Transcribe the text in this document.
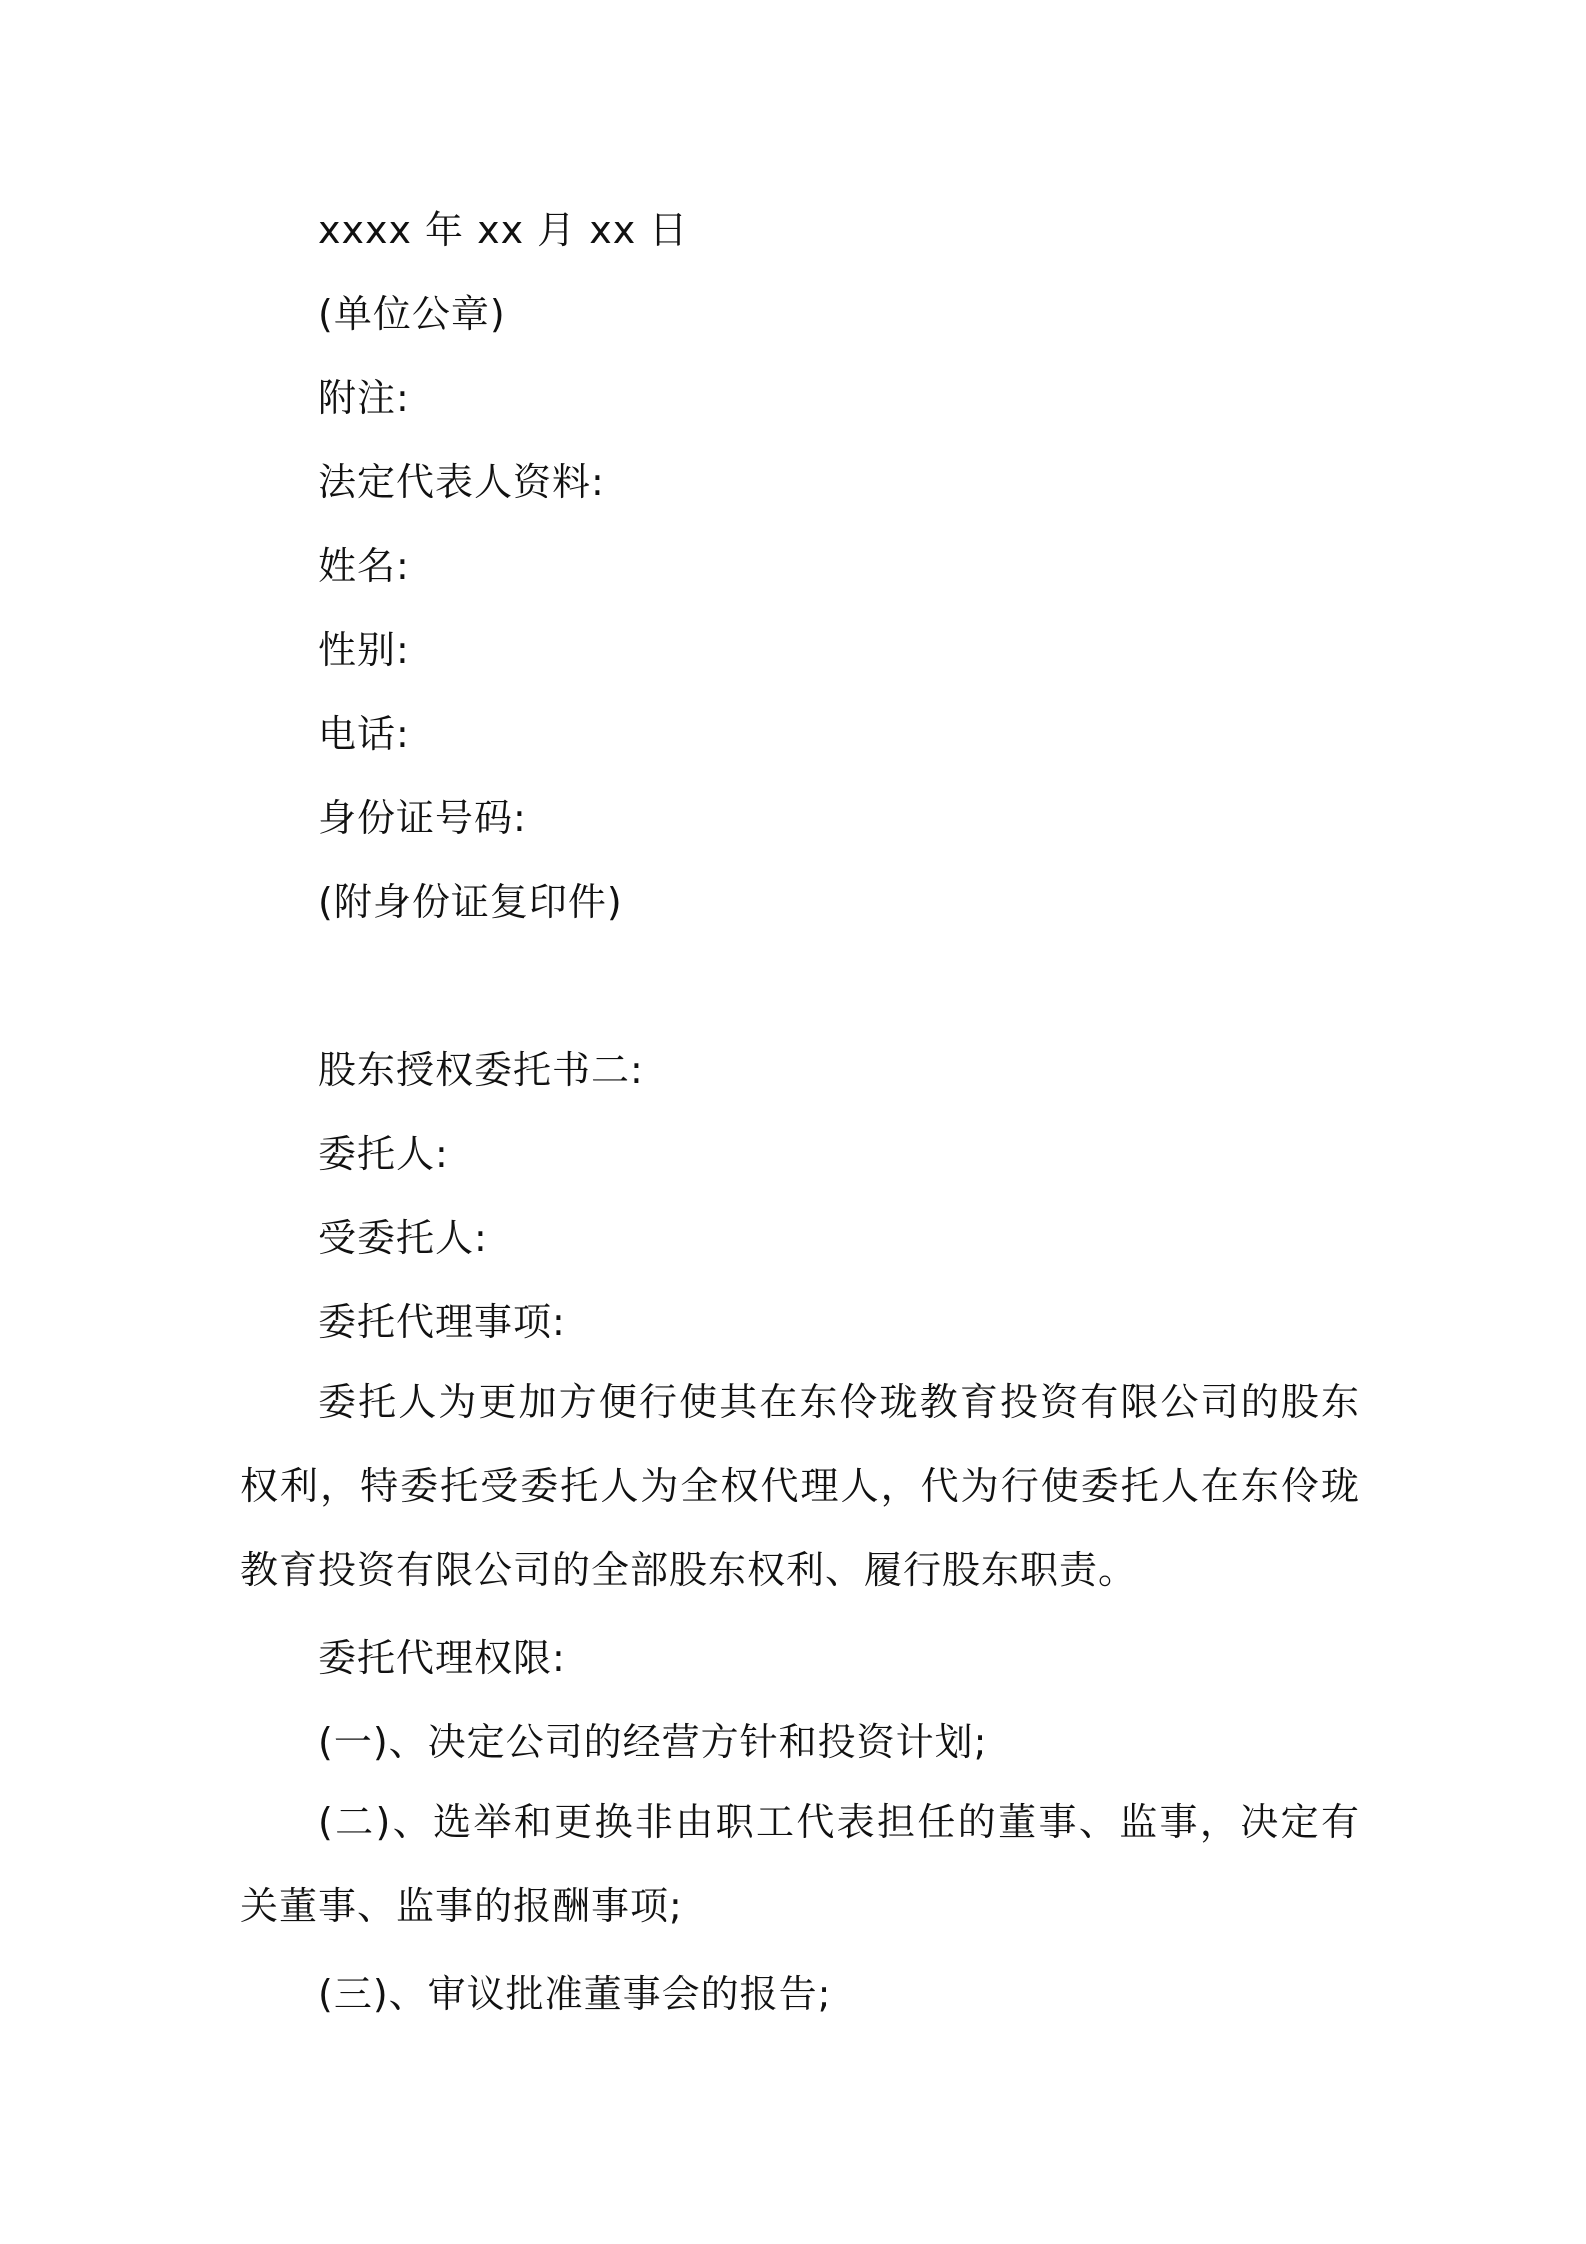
xxxx 年 xx 月 xx 日
(单位公章)
附注:
法定代表人资料:
姓名:
性别:
电话:
身份证号码:
(附身份证复印件)
股东授权委托书二:
委托人:
受委托人:
委托代理事项:
委托人为更加方便行使其在东伶珑教育投资有限公司的股东权利，特委托受委托人为全权代理人，代为行使委托人在东伶珑教育投资有限公司的全部股东权利、履行股东职责。
委托代理权限:
(一)、决定公司的经营方针和投资计划;
(二)、选举和更换非由职工代表担任的董事、监事，决定有关董事、监事的报酬事项;
(三)、审议批准董事会的报告;
